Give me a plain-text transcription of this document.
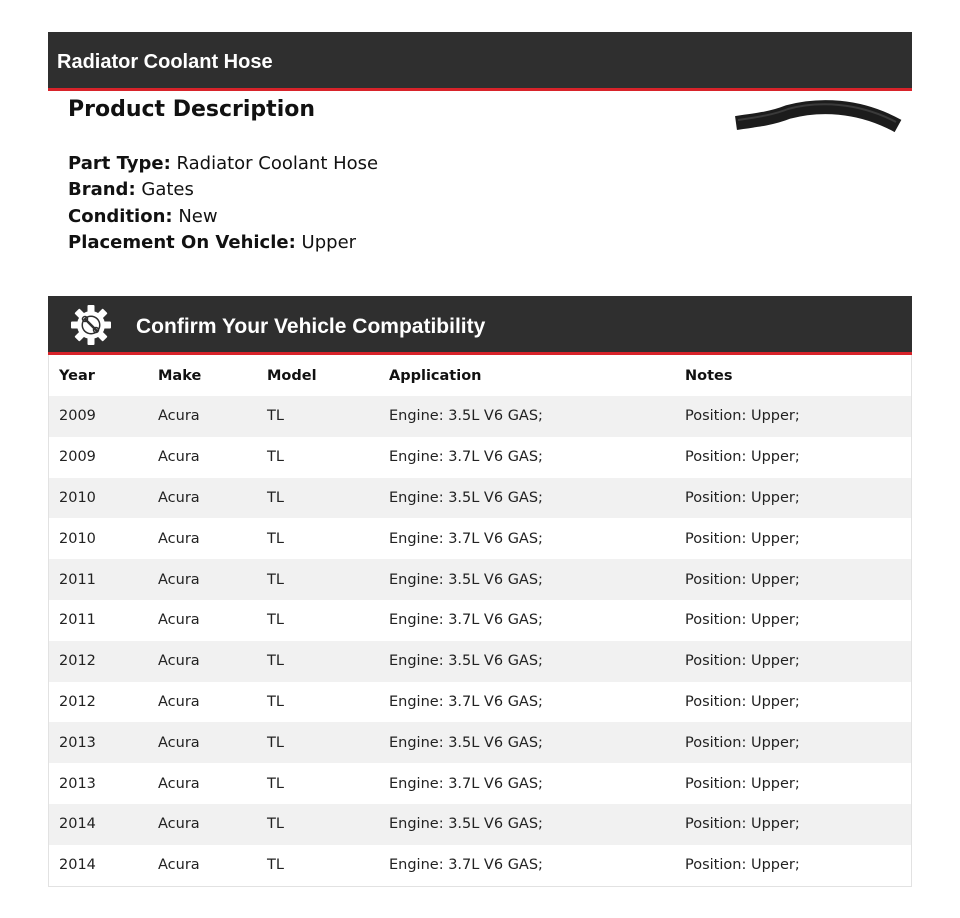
Radiator Coolant Hose
Product Description
Part Type: Radiator Coolant Hose
Brand: Gates
Condition: New
Placement On Vehicle: Upper
Confirm Your Vehicle Compatibility
Year	Make	Model	Application	Notes
2009	Acura	TL	Engine: 3.5L V6 GAS;	Position: Upper;
2009	Acura	TL	Engine: 3.7L V6 GAS;	Position: Upper;
2010	Acura	TL	Engine: 3.5L V6 GAS;	Position: Upper;
2010	Acura	TL	Engine: 3.7L V6 GAS;	Position: Upper;
2011	Acura	TL	Engine: 3.5L V6 GAS;	Position: Upper;
2011	Acura	TL	Engine: 3.7L V6 GAS;	Position: Upper;
2012	Acura	TL	Engine: 3.5L V6 GAS;	Position: Upper;
2012	Acura	TL	Engine: 3.7L V6 GAS;	Position: Upper;
2013	Acura	TL	Engine: 3.5L V6 GAS;	Position: Upper;
2013	Acura	TL	Engine: 3.7L V6 GAS;	Position: Upper;
2014	Acura	TL	Engine: 3.5L V6 GAS;	Position: Upper;
2014	Acura	TL	Engine: 3.7L V6 GAS;	Position: Upper;
